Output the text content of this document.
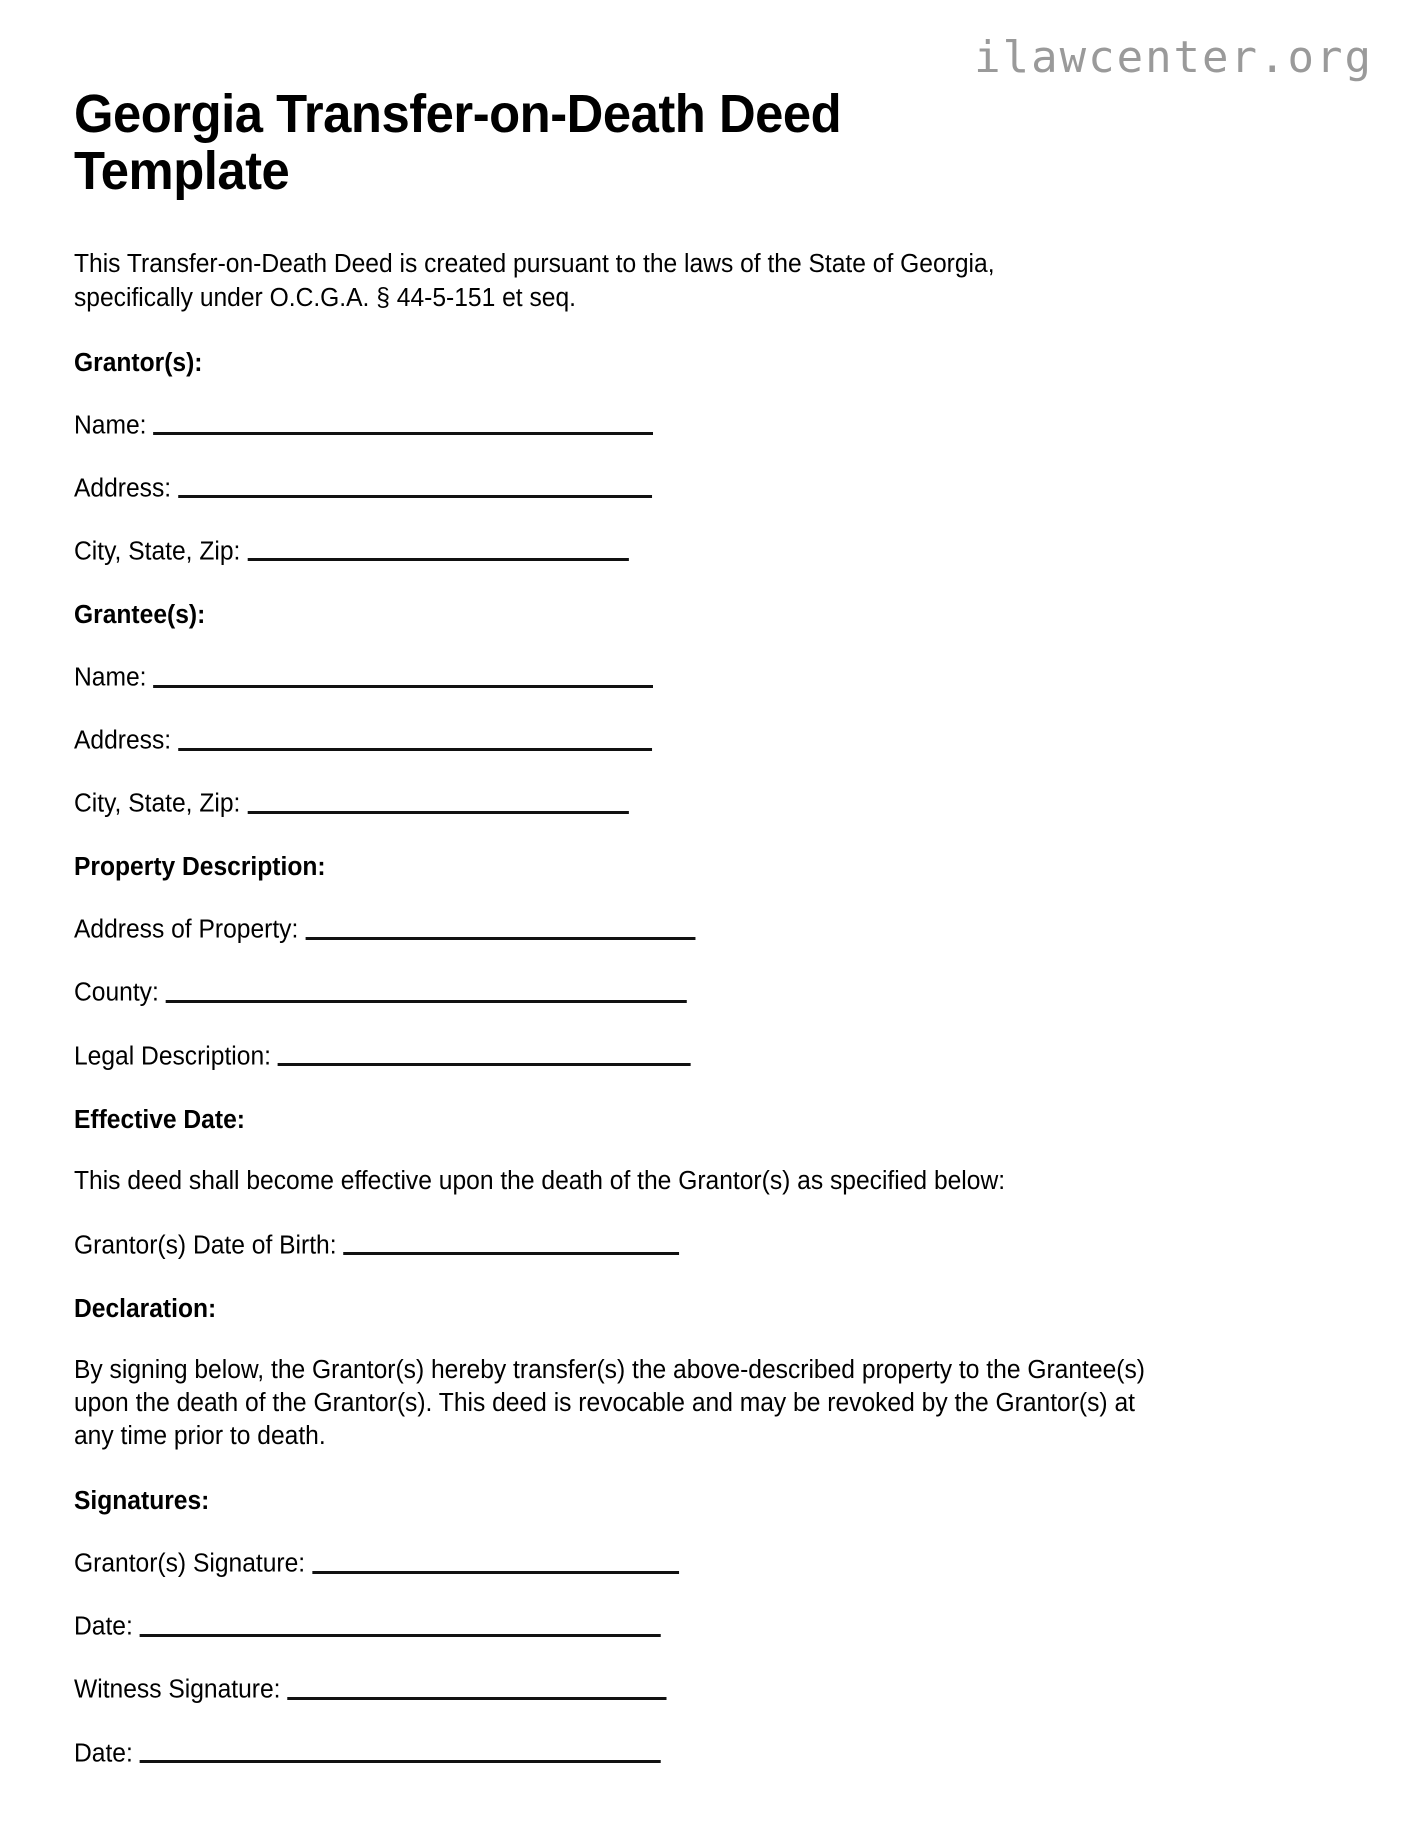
ilawcenter.org
Georgia Transfer-on-Death Deed Template

This Transfer-on-Death Deed is created pursuant to the laws of the State of Georgia, specifically under O.C.G.A. § 44-5-151 et seq.

Grantor(s):
Name:
Address:
City, State, Zip:
Grantee(s):
Name:
Address:
City, State, Zip:
Property Description:
Address of Property:
County:
Legal Description:
Effective Date:

This deed shall become effective upon the death of the Grantor(s) as specified below:

Grantor(s) Date of Birth:
Declaration:

By signing below, the Grantor(s) hereby transfer(s) the above-described property to the Grantee(s) upon the death of the Grantor(s). This deed is revocable and may be revoked by the Grantor(s) at any time prior to death.

Signatures:
Grantor(s) Signature:
Date:
Witness Signature:
Date:
